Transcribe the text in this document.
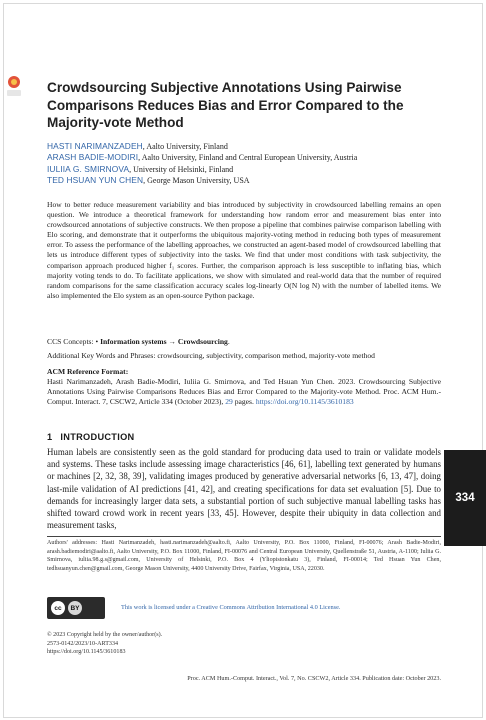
Crowdsourcing Subjective Annotations Using Pairwise Comparisons Reduces Bias and Error Compared to the Majority-vote Method
HASTI NARIMANZADEH, Aalto University, Finland
ARASH BADIE-MODIRI, Aalto University, Finland and Central European University, Austria
IULIIA G. SMIRNOVA, University of Helsinki, Finland
TED HSUAN YUN CHEN, George Mason University, USA
How to better reduce measurement variability and bias introduced by subjectivity in crowdsourced labelling remains an open question. We introduce a theoretical framework for understanding how random error and measurement bias enter into crowdsourced annotations of subjective constructs. We then propose a pipeline that combines pairwise comparison labelling with Elo scoring, and demonstrate that it outperforms the ubiquitous majority-voting method in reducing both types of measurement error. To assess the performance of the labelling approaches, we constructed an agent-based model of crowdsourced labelling that lets us introduce different types of subjectivity into the tasks. We find that under most conditions with task subjectivity, the comparison approach produced higher f₁ scores. Further, the comparison approach is less susceptible to inflating bias, which majority voting tends to do. To facilitate applications, we show with simulated and real-world data that the number of required random comparisons for the same classification accuracy scales log-linearly O(N log N) with the number of labelled items. We also implemented the Elo system as an open-source Python package.
CCS Concepts: • Information systems → Crowdsourcing.
Additional Key Words and Phrases: crowdsourcing, subjectivity, comparison method, majority-vote method
ACM Reference Format:
Hasti Narimanzadeh, Arash Badie-Modiri, Iuliia G. Smirnova, and Ted Hsuan Yun Chen. 2023. Crowdsourcing Subjective Annotations Using Pairwise Comparisons Reduces Bias and Error Compared to the Majority-vote Method. Proc. ACM Hum.-Comput. Interact. 7, CSCW2, Article 334 (October 2023), 29 pages. https://doi.org/10.1145/3610183
1 INTRODUCTION
Human labels are consistently seen as the gold standard for producing data used to train or validate models and systems. These tasks include assessing image characteristics [46, 61], labelling text generated by humans or machines [2, 32, 38, 39], validating images produced by generative adversarial networks [6, 13, 47], doing last-mile validation of AI predictions [41, 42], and creating specifications for data set evaluation [5]. Due to demands for increasingly larger data sets, a substantial portion of such subjective manual labelling tasks has shifted toward crowd work in recent years [33, 45]. However, despite their ubiquity in data collection and measurement tasks,
334
Authors' addresses: Hasti Narimanzadeh, hasti.narimanzadeh@aalto.fi, Aalto University, P.O. Box 11000, Finland, FI-00076; Arash Badie-Modiri, arash.badiemodiri@aalto.fi, Aalto University, P.O. Box 11000, Finland, FI-00076 and Central European University, Quellenstraße 51, Austria, A-1100; Iuliia G. Smirnova, iuliia.98.g.s@gmail.com, University of Helsinki, P.O. Box 4 (Yliopistonkatu 3), Finland, FI-00014; Ted Hsuan Yun Chen, tedhsuanyun.chen@gmail.com, George Mason University, 4400 University Drive, Fairfax, Virginia, USA, 22030.
cc	BY	This work is licensed under a Creative Commons Attribution International 4.0 License.
© 2023 Copyright held by the owner/author(s).
2573-0142/2023/10-ART334
https://doi.org/10.1145/3610183
Proc. ACM Hum.-Comput. Interact., Vol. 7, No. CSCW2, Article 334. Publication date: October 2023.
